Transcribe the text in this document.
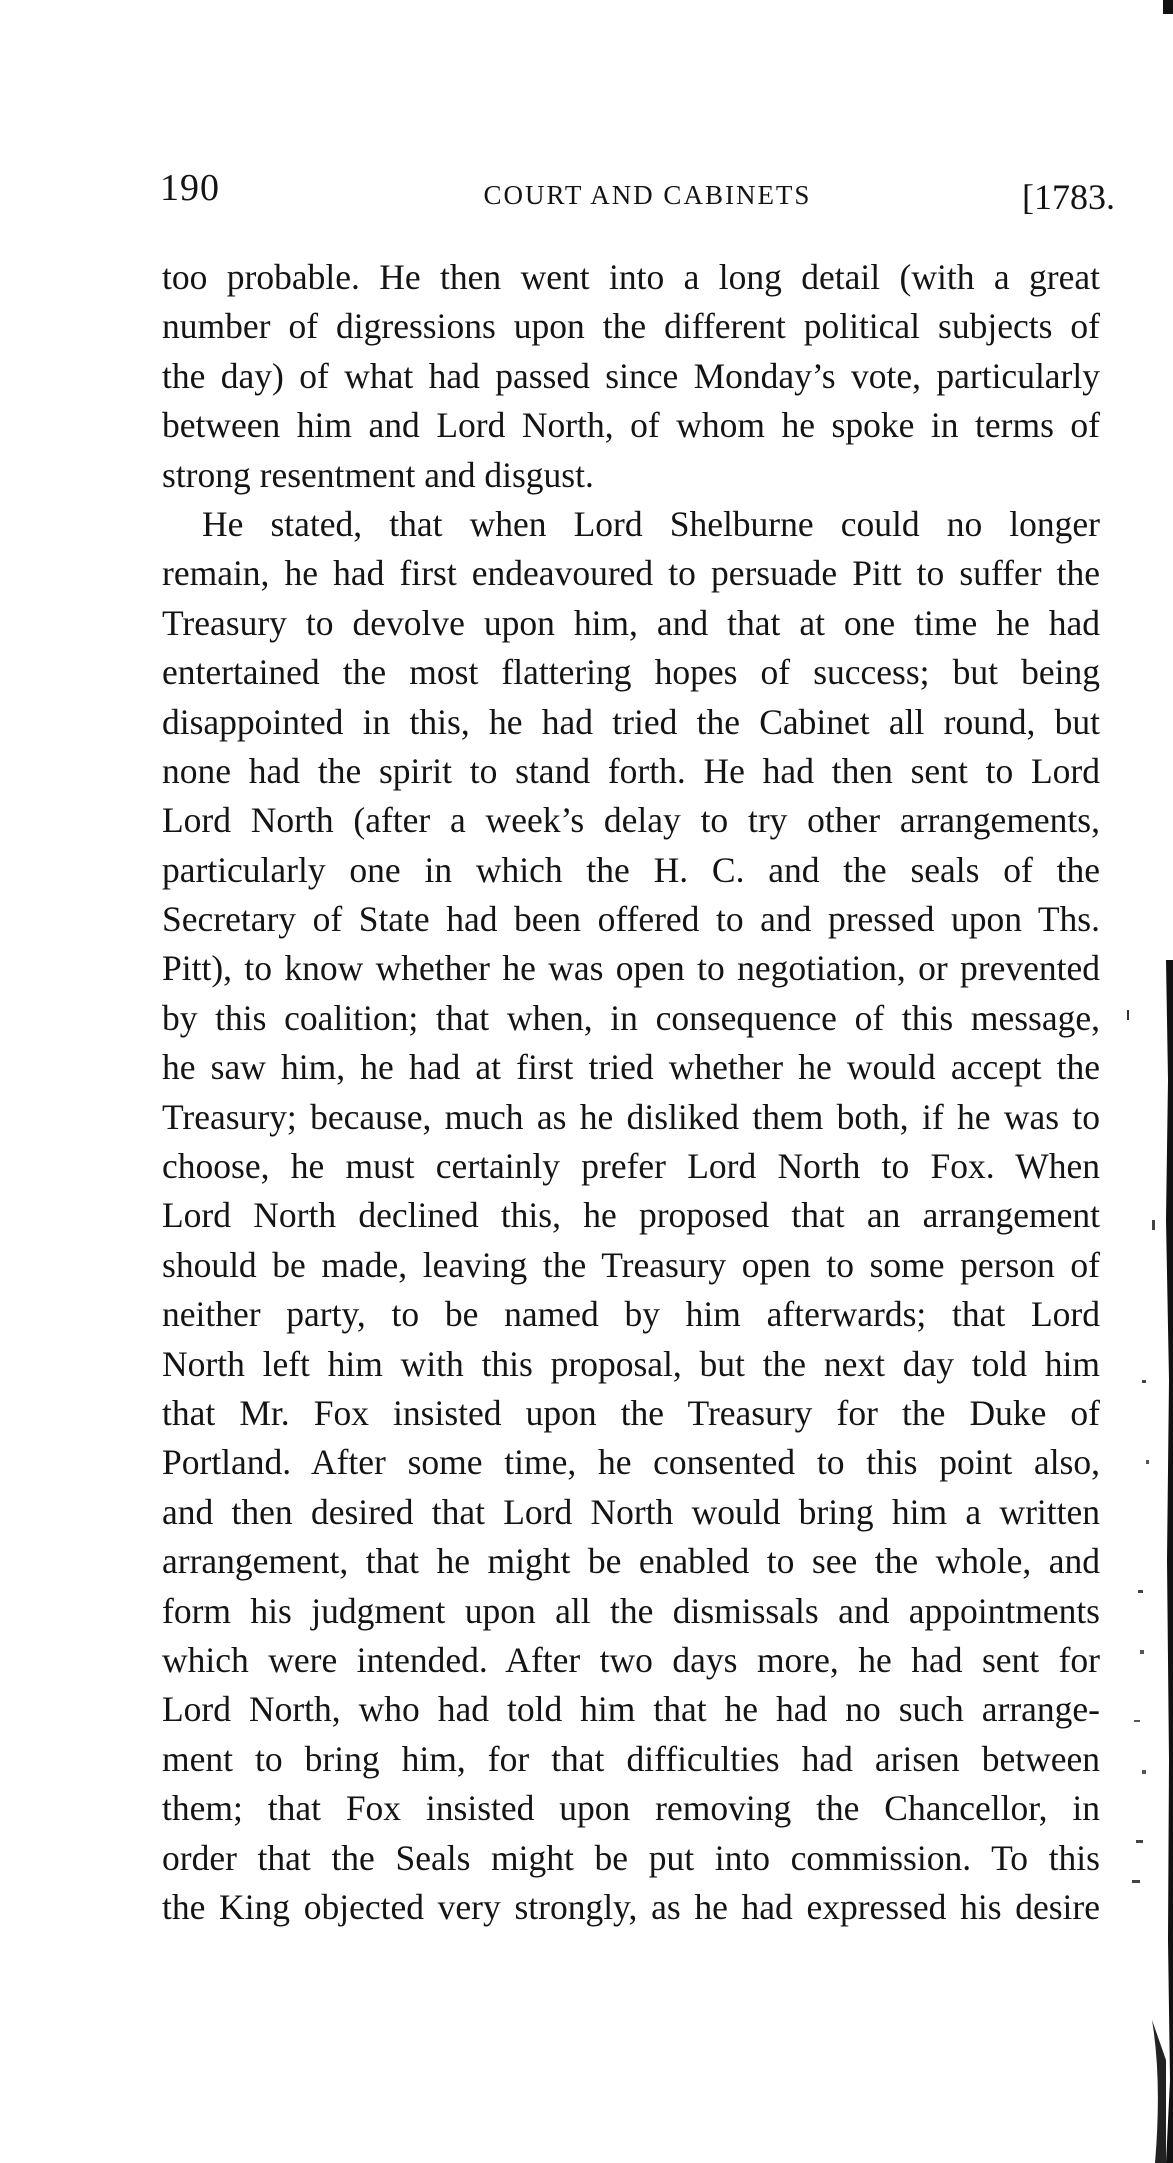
190	COURT AND CABINETS	[1783.
too probable. He then went into a long detail (with a great
number of digressions upon the different political subjects of
the day) of what had passed since Monday’s vote, particularly
between him and Lord North, of whom he spoke in terms of
strong resentment and disgust.
He stated, that when Lord Shelburne could no longer
remain, he had first endeavoured to persuade Pitt to suffer the
Treasury to devolve upon him, and that at one time he had
entertained the most flattering hopes of success; but being
disappointed in this, he had tried the Cabinet all round, but
none had the spirit to stand forth. He had then sent to Lord
Lord North (after a week’s delay to try other arrangements,
particularly one in which the H. C. and the seals of the
Secretary of State had been offered to and pressed upon Ths.
Pitt), to know whether he was open to negotiation, or prevented
by this coalition; that when, in consequence of this message,
he saw him, he had at first tried whether he would accept the
Treasury; because, much as he disliked them both, if he was to
choose, he must certainly prefer Lord North to Fox. When
Lord North declined this, he proposed that an arrangement
should be made, leaving the Treasury open to some person of
neither party, to be named by him afterwards; that Lord
North left him with this proposal, but the next day told him
that Mr. Fox insisted upon the Treasury for the Duke of
Portland. After some time, he consented to this point also,
and then desired that Lord North would bring him a written
arrangement, that he might be enabled to see the whole, and
form his judgment upon all the dismissals and appointments
which were intended. After two days more, he had sent for
Lord North, who had told him that he had no such arrange-
ment to bring him, for that difficulties had arisen between
them; that Fox insisted upon removing the Chancellor, in
order that the Seals might be put into commission. To this
the King objected very strongly, as he had expressed his desire
